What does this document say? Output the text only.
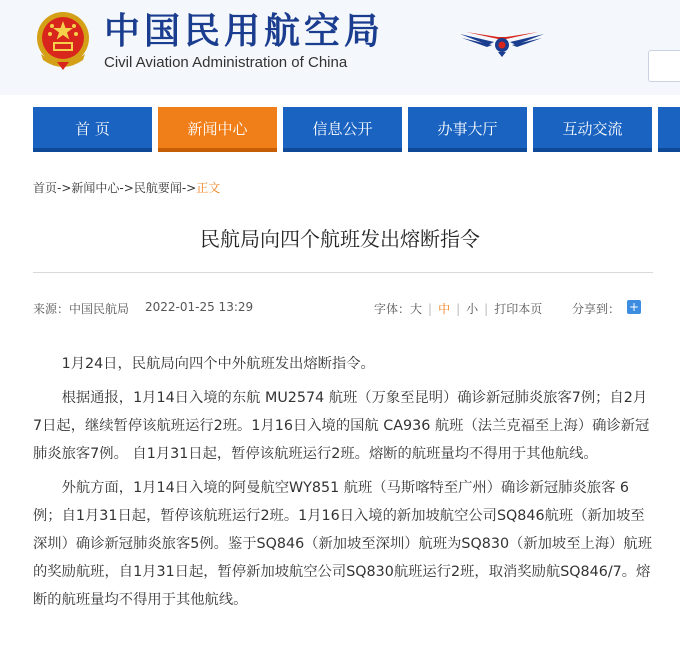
中国民用航空局
Civil Aviation Administration of China
首 页	新闻中心	信息公开	办事大厅	互动交流
首页->新闻中心->民航要闻->正文
民航局向四个航班发出熔断指令
来源：中国民航局 2022-01-25 13:29	字体：大 | 中 | 小 | 打印本页 分享到： +

1月24日，民航局向四个中外航班发出熔断指令。

根据通报，1月14日入境的东航 MU2574 航班（万象至昆明）确诊新冠肺炎旅客7例；自2月7日起，继续暂停该航班运行2班。1月16日入境的国航 CA936 航班（法兰克福至上海）确诊新冠肺炎旅客7例。 自1月31日起，暂停该航班运行2班。熔断的航班量均不得用于其他航线。

外航方面，1月14日入境的阿曼航空WY851 航班（马斯喀特至广州）确诊新冠肺炎旅客 6例；自1月31日起，暂停该航班运行2班。1月16日入境的新加坡航空公司SQ846航班（新加坡至深圳）确诊新冠肺炎旅客5例。鉴于SQ846（新加坡至深圳）航班为SQ830（新加坡至上海）航班的奖励航班，自1月31日起，暂停新加坡航空公司SQ830航班运行2班，取消奖励航SQ846/7。熔断的航班量均不得用于其他航线。
